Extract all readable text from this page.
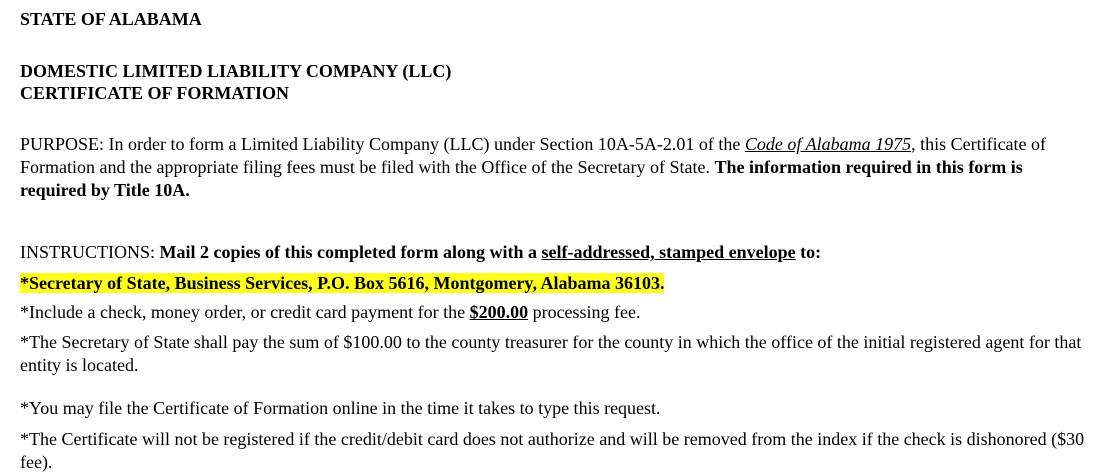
STATE OF ALABAMA
DOMESTIC LIMITED LIABILITY COMPANY (LLC)
CERTIFICATE OF FORMATION

PURPOSE: In order to form a Limited Liability Company (LLC) under Section 10A-5A-2.01 of the Code of Alabama 1975, this Certificate of Formation and the appropriate filing fees must be filed with the Office of the Secretary of State. The information required in this form is required by Title 10A.

INSTRUCTIONS: Mail 2 copies of this completed form along with a self-addressed, stamped envelope to:

*Secretary of State, Business Services, P.O. Box 5616, Montgomery, Alabama 36103.

*Include a check, money order, or credit card payment for the $200.00 processing fee.

*The Secretary of State shall pay the sum of $100.00 to the county treasurer for the county in which the office of the initial registered agent for that entity is located.

*You may file the Certificate of Formation online in the time it takes to type this request.

*The Certificate will not be registered if the credit/debit card does not authorize and will be removed from the index if the check is dishonored ($30 fee).
